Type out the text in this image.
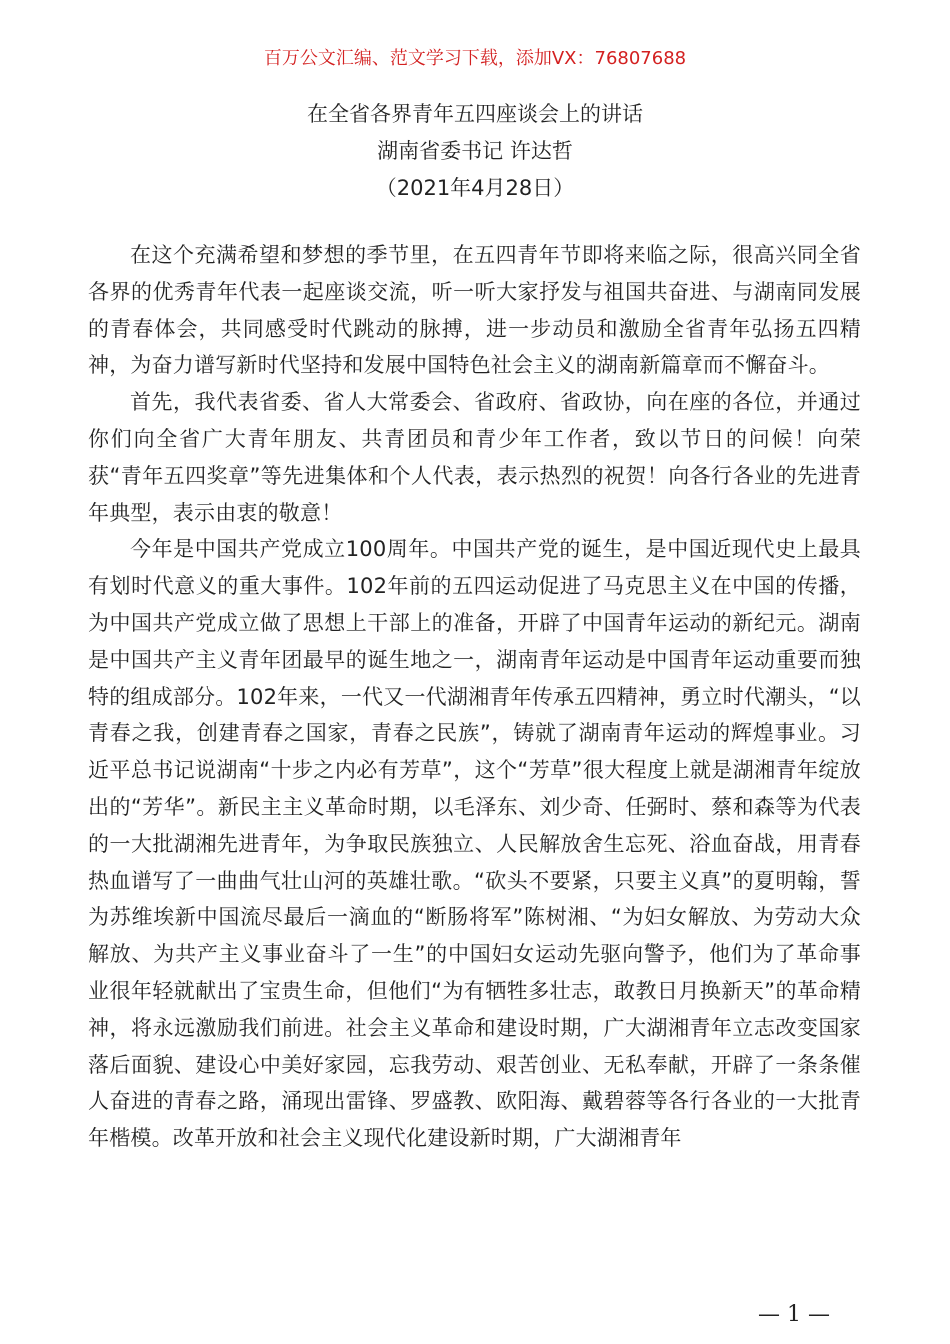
百万公文汇编、范文学习下载，添加VX：76807688
在全省各界青年五四座谈会上的讲话
湖南省委书记 许达哲
（2021年4月28日）

在这个充满希望和梦想的季节里，在五四青年节即将来临之际，很高兴同全省各界的优秀青年代表一起座谈交流，听一听大家抒发与祖国共奋进、与湖南同发展的青春体会，共同感受时代跳动的脉搏，进一步动员和激励全省青年弘扬五四精神，为奋力谱写新时代坚持和发展中国特色社会主义的湖南新篇章而不懈奋斗。

首先，我代表省委、省人大常委会、省政府、省政协，向在座的各位，并通过你们向全省广大青年朋友、共青团员和青少年工作者，致以节日的问候！向荣获“青年五四奖章”等先进集体和个人代表，表示热烈的祝贺！向各行各业的先进青年典型，表示由衷的敬意！

今年是中国共产党成立100周年。中国共产党的诞生，是中国近现代史上最具有划时代意义的重大事件。102年前的五四运动促进了马克思主义在中国的传播，为中国共产党成立做了思想上干部上的准备，开辟了中国青年运动的新纪元。湖南是中国共产主义青年团最早的诞生地之一，湖南青年运动是中国青年运动重要而独特的组成部分。102年来，一代又一代湖湘青年传承五四精神，勇立时代潮头，“以青春之我，创建青春之国家，青春之民族”，铸就了湖南青年运动的辉煌事业。习近平总书记说湖南“十步之内必有芳草”，这个“芳草”很大程度上就是湖湘青年绽放出的“芳华”。新民主主义革命时期，以毛泽东、刘少奇、任弼时、蔡和森等为代表的一大批湖湘先进青年，为争取民族独立、人民解放舍生忘死、浴血奋战，用青春热血谱写了一曲曲气壮山河的英雄壮歌。“砍头不要紧，只要主义真”的夏明翰，誓为苏维埃新中国流尽最后一滴血的“断肠将军”陈树湘、“为妇女解放、为劳动大众解放、为共产主义事业奋斗了一生”的中国妇女运动先驱向警予，他们为了革命事业很年轻就献出了宝贵生命，但他们“为有牺牲多壮志，敢教日月换新天”的革命精神，将永远激励我们前进。社会主义革命和建设时期，广大湖湘青年立志改变国家落后面貌、建设心中美好家园，忘我劳动、艰苦创业、无私奉献，开辟了一条条催人奋进的青春之路，涌现出雷锋、罗盛教、欧阳海、戴碧蓉等各行各业的一大批青年楷模。改革开放和社会主义现代化建设新时期，广大湖湘青年

— 1 —
